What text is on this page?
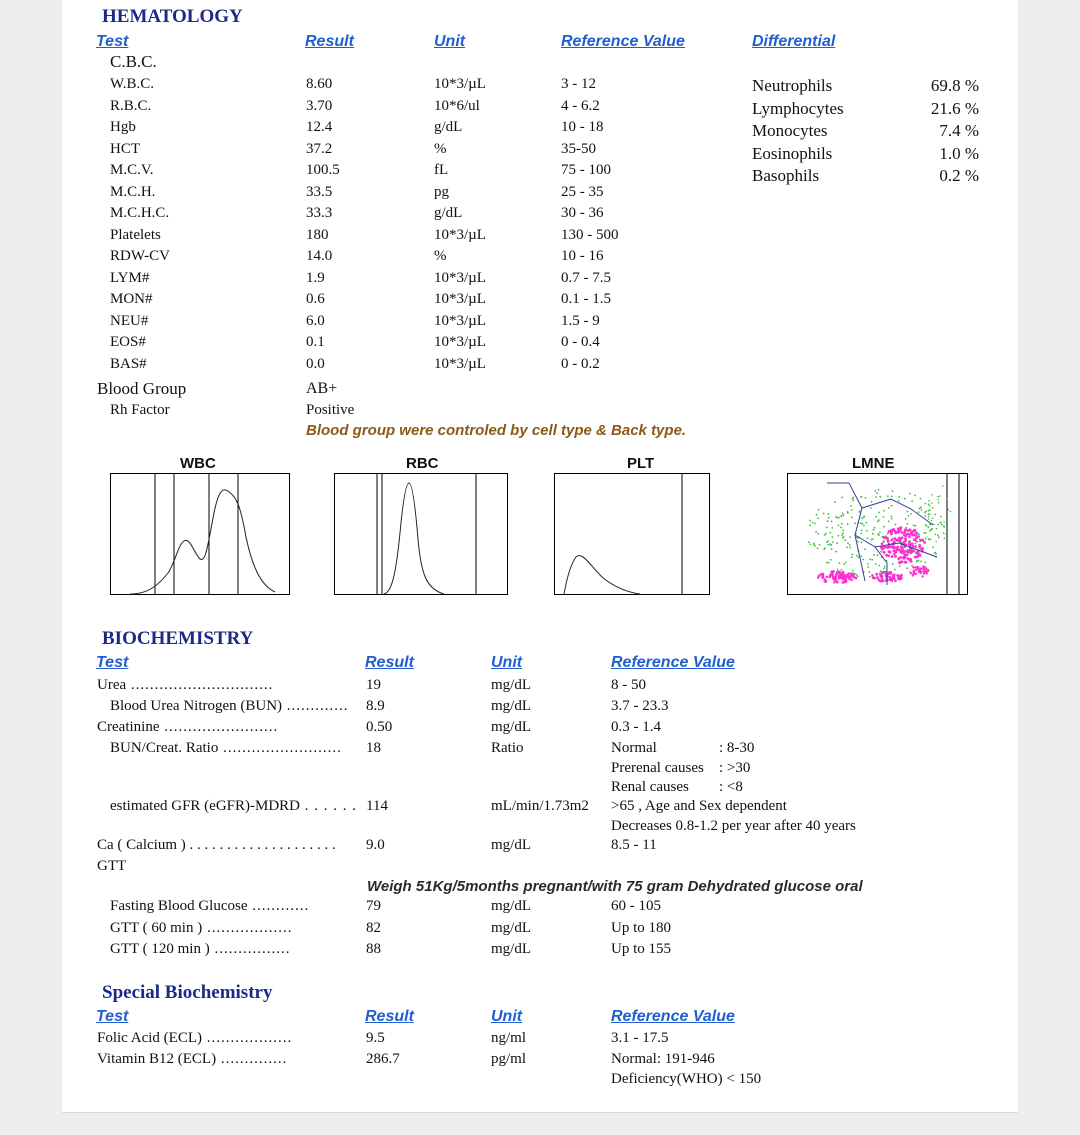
HEMATOLOGY
Test	Result	Unit	Reference Value	Differential
C.B.C.
W.B.C.	8.60	10*3/µL	3 - 12
R.B.C.	3.70	10*6/ul	4 - 6.2
Hgb	12.4	g/dL	10 - 18
HCT	37.2	%	35-50
M.C.V.	100.5	fL	75 - 100
M.C.H.	33.5	pg	25 - 35
M.C.H.C.	33.3	g/dL	30 - 36
Platelets	180	10*3/µL	130 - 500
RDW-CV	14.0	%	10 - 16
LYM#	1.9	10*3/µL	0.7 - 7.5
MON#	0.6	10*3/µL	0.1 - 1.5
NEU#	6.0	10*3/µL	1.5 - 9
EOS#	0.1	10*3/µL	0 - 0.4
BAS#	0.0	10*3/µL	0 - 0.2
Neutrophils	69.8 %
Lymphocytes	21.6 %
Monocytes	7.4 %
Eosinophils	1.0 %
Basophils	0.2 %
Blood Group	AB+
Rh Factor	Positive
Blood group were controled by cell type & Back type.
WBC	RBC	PLT	LMNE
BIOCHEMISTRY
Test	Result	Unit	Reference Value
Urea ..............................	19	mg/dL	8 - 50
Blood Urea Nitrogen (BUN) ............. 8.9	mg/dL	3.7 - 23.3
Creatinine ........................	0.50	mg/dL	0.3 - 1.4
BUN/Creat. Ratio ......................... 18	Ratio	Normal	: 8-30
Prerenal causes : >30
Renal causes : <8
estimated GFR (eGFR)-MDRD . . . . . . 114	mL/min/1.73m2 >65 , Age and Sex dependent
Decreases 0.8-1.2 per year after 40 years
Ca ( Calcium ) . . . . . . . . . . . . . . . . . . . . 9.0	mg/dL	8.5 - 11
GTT
Weigh 51Kg/5months pregnant/with 75 gram Dehydrated glucose oral
Fasting Blood Glucose ............	79	mg/dL	60 - 105
GTT ( 60 min ) ..................	82	mg/dL	Up to 180
GTT ( 120 min ) ................	88	mg/dL	Up to 155
Special Biochemistry
Test	Result	Unit	Reference Value
Folic Acid (ECL) ..................	9.5	ng/ml	3.1 - 17.5
Vitamin B12 (ECL) ..............	286.7	pg/ml	Normal: 191-946
Deficiency(WHO) < 150
